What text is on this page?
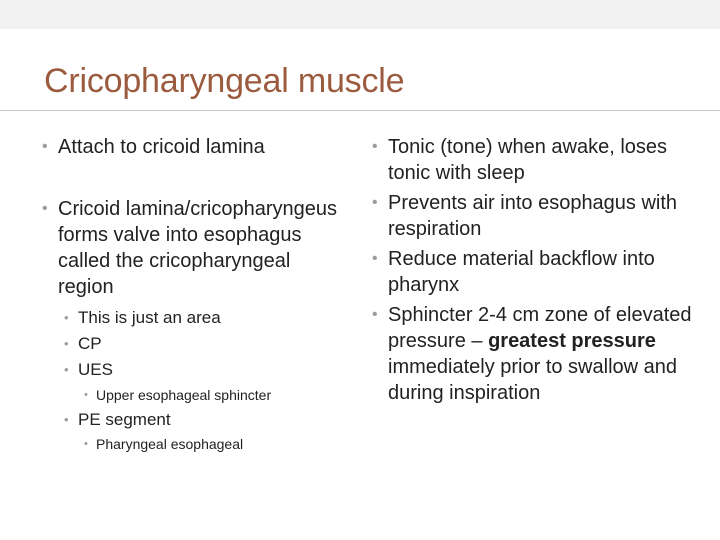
Cricopharyngeal muscle
• Attach to cricoid lamina
• Cricoid lamina/cricopharyngeus forms valve into esophagus called the cricopharyngeal region
• This is just an area
• CP
• UES
• Upper esophageal sphincter
• PE segment
• Pharyngeal esophageal
• Tonic (tone) when awake, loses tonic with sleep
• Prevents air into esophagus with respiration
• Reduce material backflow into pharynx
• Sphincter 2-4 cm zone of elevated pressure – greatest pressure immediately prior to swallow and during inspiration
